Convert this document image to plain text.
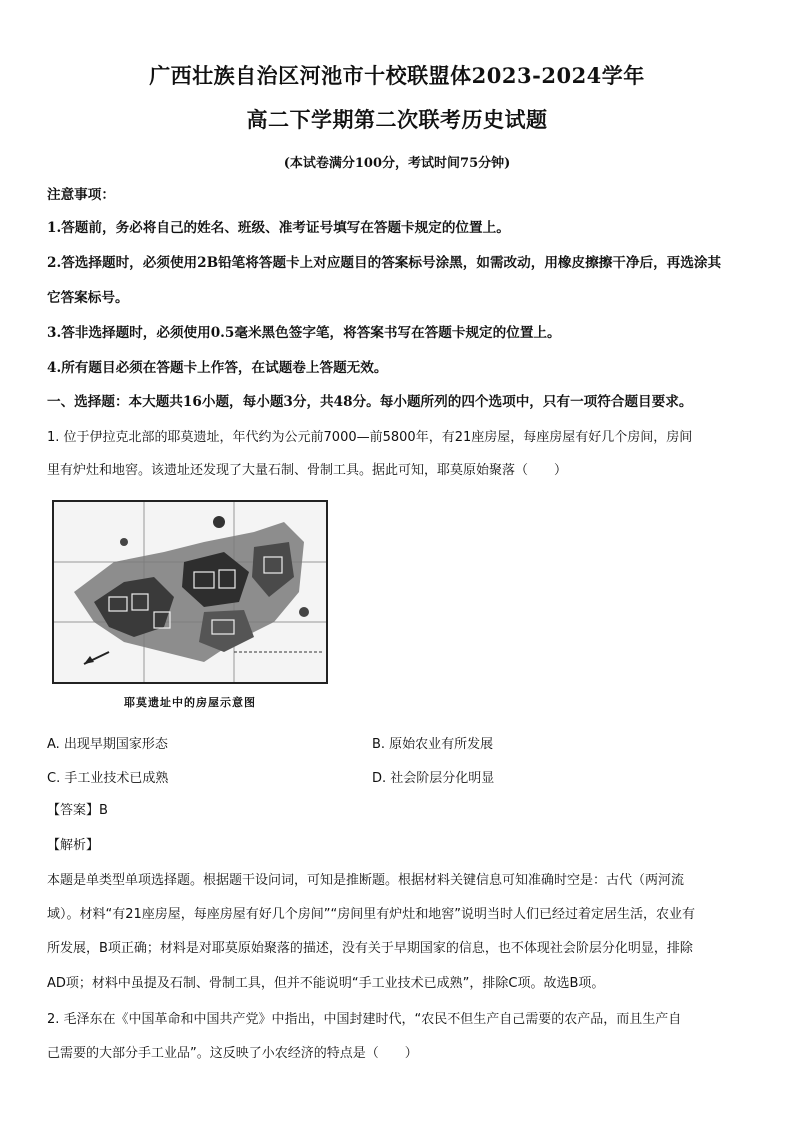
广西壮族自治区河池市十校联盟体2023-2024学年
高二下学期第二次联考历史试题
(本试卷满分100分，考试时间75分钟)
注意事项：
1.答题前，务必将自己的姓名、班级、准考证号填写在答题卡规定的位置上。
2.答选择题时，必须使用2B铅笔将答题卡上对应题目的答案标号涂黑，如需改动，用橡皮擦擦干净后，再选涂其
它答案标号。
3.答非选择题时，必须使用0.5毫米黑色签字笔，将答案书写在答题卡规定的位置上。
4.所有题目必须在答题卡上作答，在试题卷上答题无效。
一、选择题：本大题共16小题，每小题3分，共48分。每小题所列的四个选项中，只有一项符合题目要求。
1. 位于伊拉克北部的耶莫遗址，年代约为公元前7000—前5800年，有21座房屋，每座房屋有好几个房间，房间
里有炉灶和地窖。该遗址还发现了大量石制、骨制工具。据此可知，耶莫原始聚落（　　）
耶莫遗址中的房屋示意图
A. 出现早期国家形态	B. 原始农业有所发展
C. 手工业技术已成熟	D. 社会阶层分化明显
【答案】B
【解析】
本题是单类型单项选择题。根据题干设问词，可知是推断题。根据材料关键信息可知准确时空是：古代（两河流
域）。材料“有21座房屋，每座房屋有好几个房间”“房间里有炉灶和地窖”说明当时人们已经过着定居生活，农业有
所发展，B项正确；材料是对耶莫原始聚落的描述，没有关于早期国家的信息，也不体现社会阶层分化明显，排除
AD项；材料中虽提及石制、骨制工具，但并不能说明“手工业技术已成熟”，排除C项。故选B项。
2. 毛泽东在《中国革命和中国共产党》中指出，中国封建时代，“农民不但生产自己需要的农产品，而且生产自
己需要的大部分手工业品”。这反映了小农经济的特点是（　　）
